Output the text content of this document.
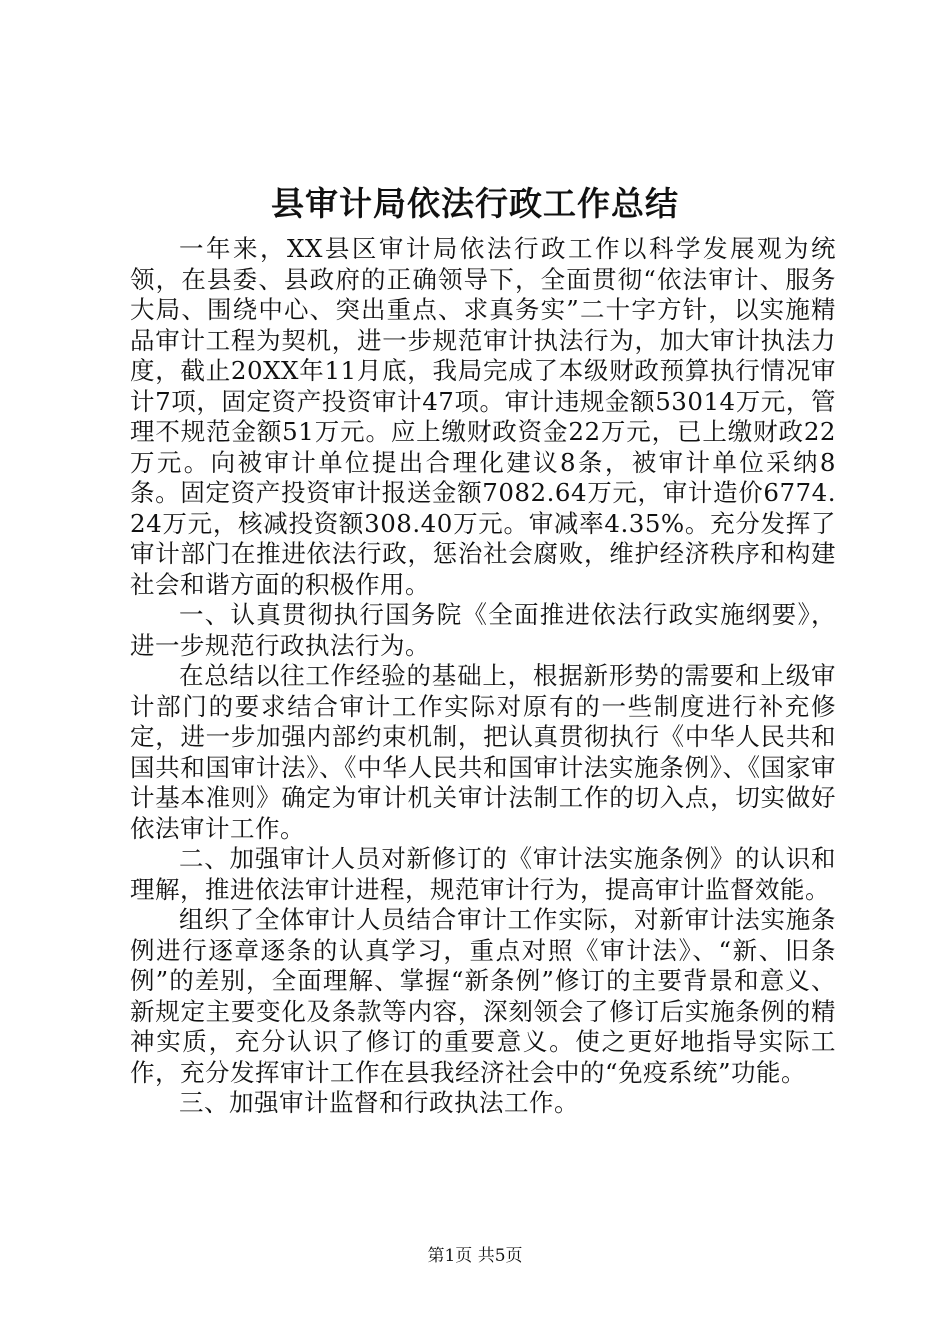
县审计局依法行政工作总结

一年来，XX县区审计局依法行政工作以科学发展观为统领，在县委、县政府的正确领导下，全面贯彻“依法审计、服务大局、围绕中心、突出重点、求真务实”二十字方针，以实施精品审计工程为契机，进一步规范审计执法行为，加大审计执法力度，截止20XX年11月底，我局完成了本级财政预算执行情况审计7项，固定资产投资审计47项。审计违规金额53014万元，管理不规范金额51万元。应上缴财政资金22万元，已上缴财政22万元。向被审计单位提出合理化建议8条，被审计单位采纳8条。固定资产投资审计报送金额7082.64万元，审计造价6774.24万元，核减投资额308.40万元。审减率4.35%。充分发挥了审计部门在推进依法行政，惩治社会腐败，维护经济秩序和构建社会和谐方面的积极作用。

一、认真贯彻执行国务院《全面推进依法行政实施纲要》，进一步规范行政执法行为。

在总结以往工作经验的基础上，根据新形势的需要和上级审计部门的要求结合审计工作实际对原有的一些制度进行补充修定，进一步加强内部约束机制，把认真贯彻执行《中华人民共和国共和国审计法》、《中华人民共和国审计法实施条例》、《国家审计基本准则》确定为审计机关审计法制工作的切入点，切实做好依法审计工作。

二、加强审计人员对新修订的《审计法实施条例》的认识和理解，推进依法审计进程，规范审计行为，提高审计监督效能。

组织了全体审计人员结合审计工作实际，对新审计法实施条例进行逐章逐条的认真学习，重点对照《审计法》、“新、旧条例”的差别，全面理解、掌握“新条例”修订的主要背景和意义、新规定主要变化及条款等内容，深刻领会了修订后实施条例的精神实质，充分认识了修订的重要意义。使之更好地指导实际工作，充分发挥审计工作在县我经济社会中的“免疫系统”功能。

三、加强审计监督和行政执法工作。

第1页 共5页
